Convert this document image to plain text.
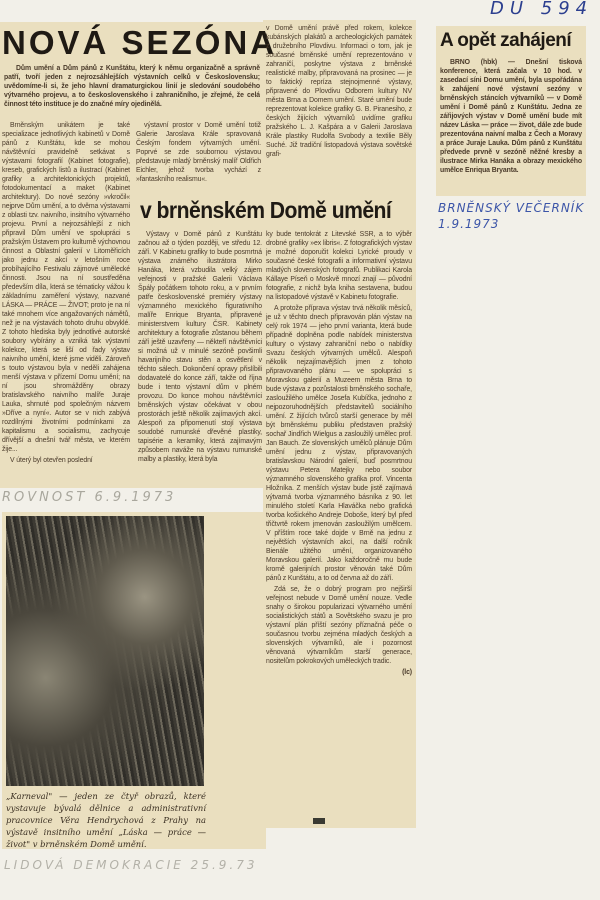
DU 594
NOVÁ SEZÓNA
Dům umění a Dům pánů z Kunštátu, který k němu organizačně a správně patří, tvoří jeden z nejrozsáhlejších výstavních celků v Československu; uvědomíme-li si, že jeho hlavní dramaturgickou linií je sledování soudobého výtvarného projevu, a to československého i zahraničního, je zřejmé, že celá činnost této instituce je do značné míry ojedinělá.

Brněnským unikátem je také specializace jednotlivých kabinetů v Domě pánů z Kunštátu, kde se mohou návštěvníci pravidelně setkávat s výstavami fotografií (Kabinet fotografie), kreseb, grafických listů a ilustrací (Kabinet grafiky a architektonických projektů, fotodokumentací a maket (Kabinet architektury). Do nové sezóny »vkročil« nejprve Dům umění, a to dvěma výstavami z oblasti tzv. naivního, insitního výtvarného projevu. První a nejrozsáhlejší z nich připravil Dům umění ve spolupráci s pražským Ústavem pro kulturně výchovnou činnost a Oblastní galerií v Litoměřicích jako jednu z akcí v letošním roce probíhajícího Festivalu zájmové umělecké činnosti. Jsou na ní soustředěna především díla, která se tématicky vážou k základnímu zaměření výstavy, nazvané LÁSKA — PRÁCE — ŽIVOT; proto je na ní také mnohem více angažovaných námětů, než je na výstavách tohoto druhu obvyklé. Z tohoto hlediska byly jednotlivé autorské soubory vybírány a vzniká tak výstavní kolekce, která se liší od řady výstav naivního umění, které jsme viděli. Zároveň s touto výstavou byla v neděli zahájena menší výstava v přízemí Domu umění; na ní jsou shromážděny obrazy bratislavského naivního malíře Juraje Lauka, shrnuté pod společným názvem »Dříve a nyní«. Autor se v nich zabývá rozdílnými životními podmínkami za kapitalismu a socialismu, zachycuje dřívější a dnešní tvář města, ve kterém žije...

V úterý byl otevřen poslední

výstavní prostor v Domě umění totiž Galerie Jaroslava Krále spravovaná Českým fondem výtvarných umění. Poprvé se zde soubornou výstavou představuje mladý brněnský malíř Oldřich Eichler, jehož tvorba vychází z »fantaskního realismu«.

v brněnském Domě umění

Výstavy v Domě pánů z Kunštátu začnou až o týden později, ve středu 12. září. V Kabinetu grafiky to bude posmrtná výstava známého ilustrátora Mirko Hanáka, která vzbudila velký zájem veřejnosti v pražské Galerii Václava Špály počátkem tohoto roku, a v prvním patře československé premiéry výstavy významného mexického figurativního malíře Enrique Bryanta, připravené ministerstvem kultury ČSR. Kabinety architektury a fotografie zůstanou během září ještě uzavřeny — někteří návštěvníci si možná už v minulé sezóně povšimli havarijního stavu stěn a osvětlení v těchto sálech. Dokončení opravy přislíbili dodavatelé do konce září, takže od října bude i tento výstavní dům v plném provozu. Do konce mohou návštěvníci brněnských výstav očekávat v obou prostorách ještě několik zajímavých akcí. Alespoň za připomenutí stojí výstava soudobé rumunské dřevěné plastiky, tapisérie a keramiky, která zajímavým způsobem naváže na výstavu rumunské malby a plastiky, která byla

v Domě umění právě před rokem, kolekce kubánských plakátů a archeologických památek z družebního Plovdivu. Informaci o tom, jak je současné brněnské umění reprezentováno v zahraničí, poskytne výstava z brněnské realistické malby, připravovaná na prosinec — je to faktický repríza stejnojmenné výstavy, připravené do Plovdivu Odborem kultury NV města Brna a Domem umění. Staré umění bude reprezentovat kolekce grafiky G. B. Piranesiho, z českých žijících výtvarníků uvidíme grafiku pražského L. J. Kašpára a v Galerii Jaroslava Krále plastiky Rudolfa Svobody a textilie Běly Suché. Již tradiční listopadová výstava sovětské grafi-

ky bude tentokrát z Litevské SSR, a to výběr drobné grafiky »ex libris«. Z fotografických výstav je možné doporučit kolekci Lyrické proudy v současné české fotografii a informativní výstavu mladých slovenských fotografů. Publikaci Karola Kállaye Píseň o Moskvě mnozí znají — původní fotografie, z nichž byla kniha sestavena, budou na listopadové výstavě v Kabinetu fotografie.

A protože příprava výstav trvá několik měsíců, je už v těchto dnech připravován plán výstav na celý rok 1974 — jeho první varianta, která bude případně doplněna podle nabídek ministerstva kultury o výstavy zahraniční nebo o nabídky Svazu českých výtvarných umělců. Alespoň několik nejzajímavějších jmen z tohoto připravovaného plánu — ve spolupráci s Moravskou galerií a Muzeem města Brna to bude výstava z pozůstalosti brněnského sochaře, zasloužilého umělce Josefa Kubíčka, jednoho z nejpozoruhodnějších představitelů sociálního umění. Z žijících tvůrců starší generace by měl být brněnskému publiku představen pražský sochař Jindřich Wielgus a zasloužilý umělec prof. Jan Bauch. Ze slovenských umělců plánuje Dům umění jednu z výstav, připravovaných bratislavskou Národní galerií, buď posmrtnou výstavu Petera Matejky nebo soubor významného slovenského grafika prof. Vincenta Hložníka. Z menších výstav bude jistě zajímavá výtvarná tvorba významného básníka z 90. let minulého století Karla Hlaváčka nebo grafická tvorba košického Andreje Doboše, který byl před třičtvrtě rokem jmenován zasloužilým umělcem. V příštím roce také dojde v Brně na jednu z největších výstavních akcí, na další ročník Bienále užitého umění, organizovaného Moravskou galerií. Jako každoročně mu bude kromě galerijních prostor věnován také Dům pánů z Kunštátu, a to od června až do září.

Zdá se, že o dobrý program pro nejširší veřejnost nebude v Domě umění nouze. Vedle snahy o širokou popularizaci výtvarného umění socialistických států a Sovětského svazu je pro výstavní plán příští sezóny příznačná péče o současnou tvorbu zejména mladých českých a slovenských výtvarníků, ale i pozornost věnovaná výtvarníkům starší generace, nositelům pokrokových uměleckých tradic.

(lc)

ROVNOST 6.9.1973
A opět zahájení
BRNO (hbk) — Dnešní tisková konference, která začala v 10 hod. v zasedací síni Domu umění, byla uspořádána k zahájení nové výstavní sezóny v brněnských stáncích výtvarníků — v Domě umění i Domě pánů z Kunštátu. Jedna ze zářijových výstav v Domě umění bude mít název Láska — práce — život, dále zde bude prezentována naivní malba z Čech a Moravy a práce Juraje Lauka. Dům pánů z Kunštátu předvede prvně v sezóně něžné kresby a ilustrace Mirka Hanáka a obrazy mexického umělce Enriqua Bryanta.
BRNĚNSKÝ VEČERNÍK 1.9.1973
„Karneval" — jeden ze čtyř obrazů, které vystavuje bývalá dělnice a administrativní pracovnice Věra Hendrychová z Prahy na výstavě insitního umění „Láska — práce — život" v brněnském Domě umění.
LIDOVÁ DEMOKRACIE 25.9.73
